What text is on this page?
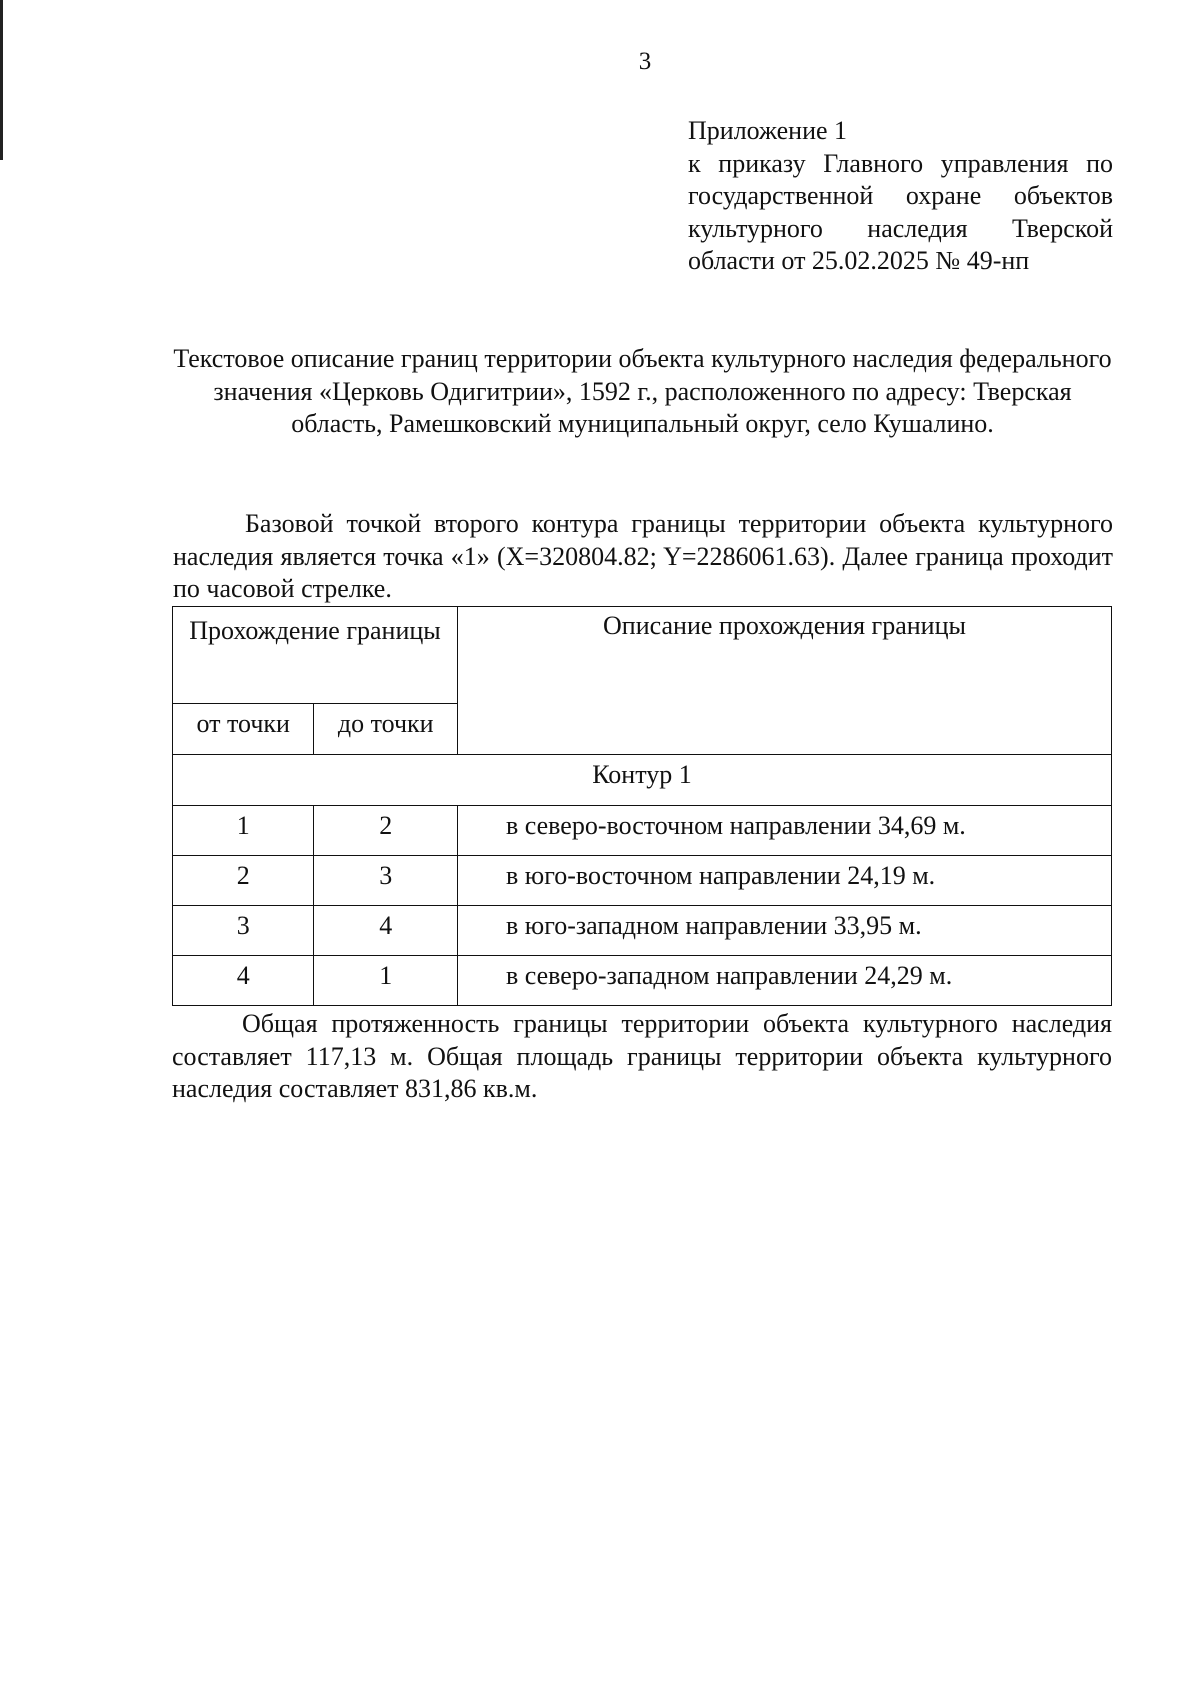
3
Приложение 1
к приказу Главного управления по
государственной охране объектов
культурного наследия Тверской
области от 25.02.2025 № 49-нп
Текстовое описание границ территории объекта культурного наследия федерального значения «Церковь Одигитрии», 1592 г., расположенного по адресу: Тверская область, Рамешковский муниципальный округ, село Кушалино.
Базовой точкой второго контура границы территории объекта культурного наследия является точка «1» (X=320804.82; Y=2286061.63). Далее граница проходит по часовой стрелке.
Прохождение границы		Описание прохождения границы
от точки	до точки	
Контур 1		
1	2	в северо-восточном направлении 34,69 м.
2	3	в юго-восточном направлении 24,19 м.
3	4	в юго-западном направлении 33,95 м.
4	1	в северо-западном направлении 24,29 м.
Общая протяженность границы территории объекта культурного наследия составляет 117,13 м. Общая площадь границы территории объекта культурного наследия составляет 831,86 кв.м.
